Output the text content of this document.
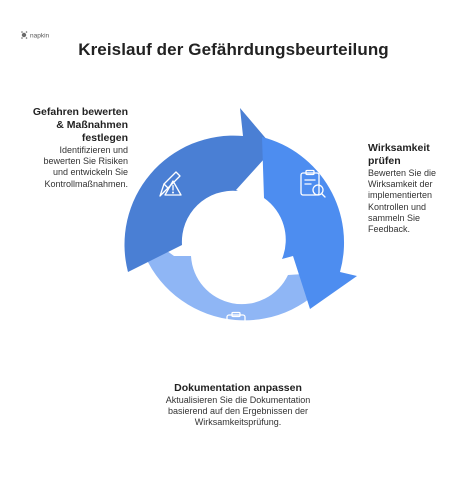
napkin
Kreislauf der Gefährdungsbeurteilung
Gefahren bewerten & Maßnahmen festlegen
Identifizieren und bewerten Sie Risiken und entwickeln Sie Kontrollmaßnahmen.
Wirksamkeit prüfen
Bewerten Sie die Wirksamkeit der implementierten Kontrollen und sammeln Sie Feedback.
Dokumentation anpassen
Aktualisieren Sie die Dokumentation basierend auf den Ergebnissen der Wirksamkeitsprüfung.
